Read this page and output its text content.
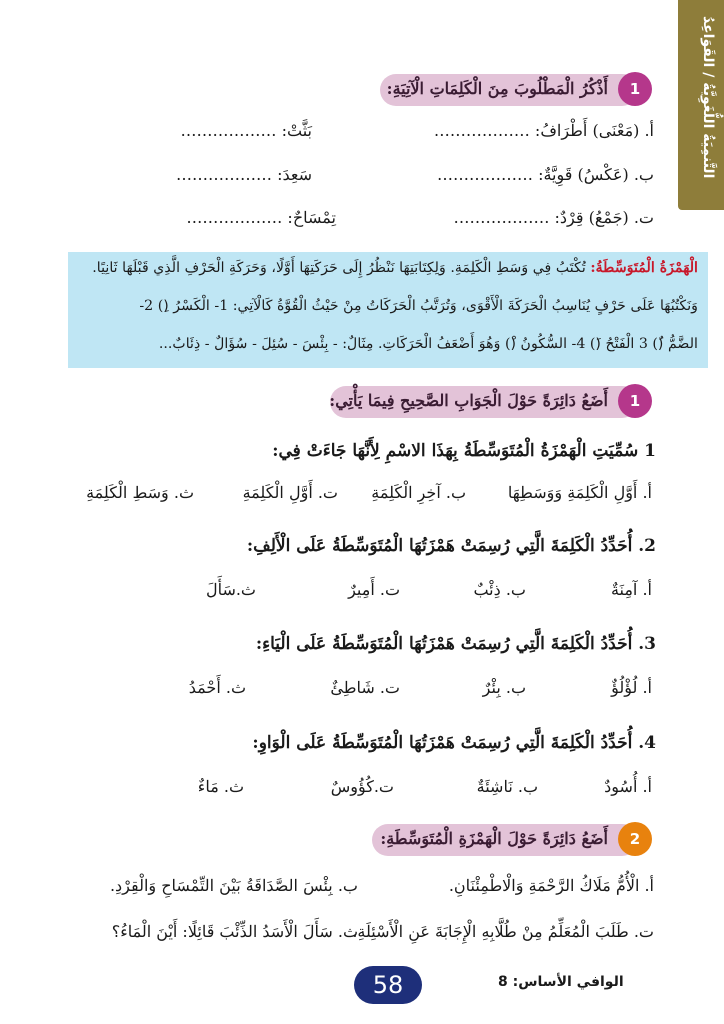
التَّنمِيَةُ اللُّغَوِيَّةُ / القَوَاعِدُ
1
أَذْكُرُ الْمَطْلُوبَ مِنَ الْكَلِمَاتِ الْآتِيَةِ:
أ. (مَعْنَى) أَطْرَافُ: ………………
بَثَّتْ: ………………
ب. (عَكْسُ) قَوِيَّةٌ: ………………
سَعِدَ: ………………
ت. (جَمْعُ) قِرْدٌ: ………………
تِمْسَاحٌ: ………………

الْهَمْزَةُ الْمُتَوَسِّطَةُ: تُكْتَبُ فِي وَسَطِ الْكَلِمَةِ. وَلِكِتَابَتِهَا نَنْظُرُ إِلَى حَرَكَتِهَا أَوَّلًا، وَحَرَكَةِ الْحَرْفِ الَّذِي قَبْلَهَا ثَانِيًا.

وَنَكْتُبُهَا عَلَى حَرْفٍ يُنَاسِبُ الْحَرَكَةَ الْأَقْوَى، وَتُرَتَّبُ الْحَرَكَاتُ مِنْ حَيْثُ الْقُوَّةُ كَالْآتِي: 1- الْكَسْرُ (ِ) 2-

الضَّمُّ (ُ) 3 الْفَتْحُ (َ) 4- السُّكُونُ (ْ) وَهُوَ أَضْعَفُ الْحَرَكَاتِ. مِثَالٌ: - بِئْسَ - سُئِلَ - سُؤَالٌ - ذِئَابٌ...

1
أَضَعُ دَائِرَةً حَوْلَ الْجَوَابِ الصَّحِيحِ فِيمَا يَأْتِي:
1 سُمِّيَتِ الْهَمْزَةُ الْمُتَوَسِّطَةُ بِهَذَا الاسْمِ لِأَنَّهَا جَاءَتْ فِي:
أ. أَوَّلِ الْكَلِمَةِ وَوَسَطِهَا
ب. آخِرِ الْكَلِمَةِ
ت. أَوَّلِ الْكَلِمَةِ
ث. وَسَطِ الْكَلِمَةِ
2. أُحَدِّدُ الْكَلِمَةَ الَّتِي رُسِمَتْ هَمْزَتُهَا الْمُتَوَسِّطَةُ عَلَى الْأَلِفِ:
أ. آمِنَةٌ
ب. ذِئْبٌ
ت. أَمِيرٌ
ث.سَأَلَ
3. أُحَدِّدُ الْكَلِمَةَ الَّتِي رُسِمَتْ هَمْزَتُهَا الْمُتَوَسِّطَةُ عَلَى الْيَاءِ:
أ. لُؤْلُؤٌ
ب. بِئْرٌ
ت. شَاطِئٌ
ث. أَحْمَدُ
4. أُحَدِّدُ الْكَلِمَةَ الَّتِي رُسِمَتْ هَمْزَتُهَا الْمُتَوَسِّطَةُ عَلَى الْوَاوِ:
أ. أُسُودٌ
ب. نَاشِئَةٌ
ت.كُؤُوسٌ
ث. مَاءٌ
2
أَضَعُ دَائِرَةً حَوْلَ الْهَمْزَةِ الْمُتَوَسِّطَةِ:
أ. الْأُمُّ مَلَاكُ الرَّحْمَةِ وَالْاطْمِئْنَانِ.
ب. بِئْسَ الصَّدَاقَةُ بَيْنَ التِّمْسَاحِ وَالْقِرْدِ.
ت. طَلَبَ الْمُعَلِّمُ مِنْ طُلَّابِهِ الْإِجَابَةَ عَنِ الْأَسْئِلَةِ.
ث. سَأَلَ الْأَسَدُ الذِّئْبَ قَائِلًا: أَيْنَ الْمَاءُ؟
58	الوافي الأساس: 8
